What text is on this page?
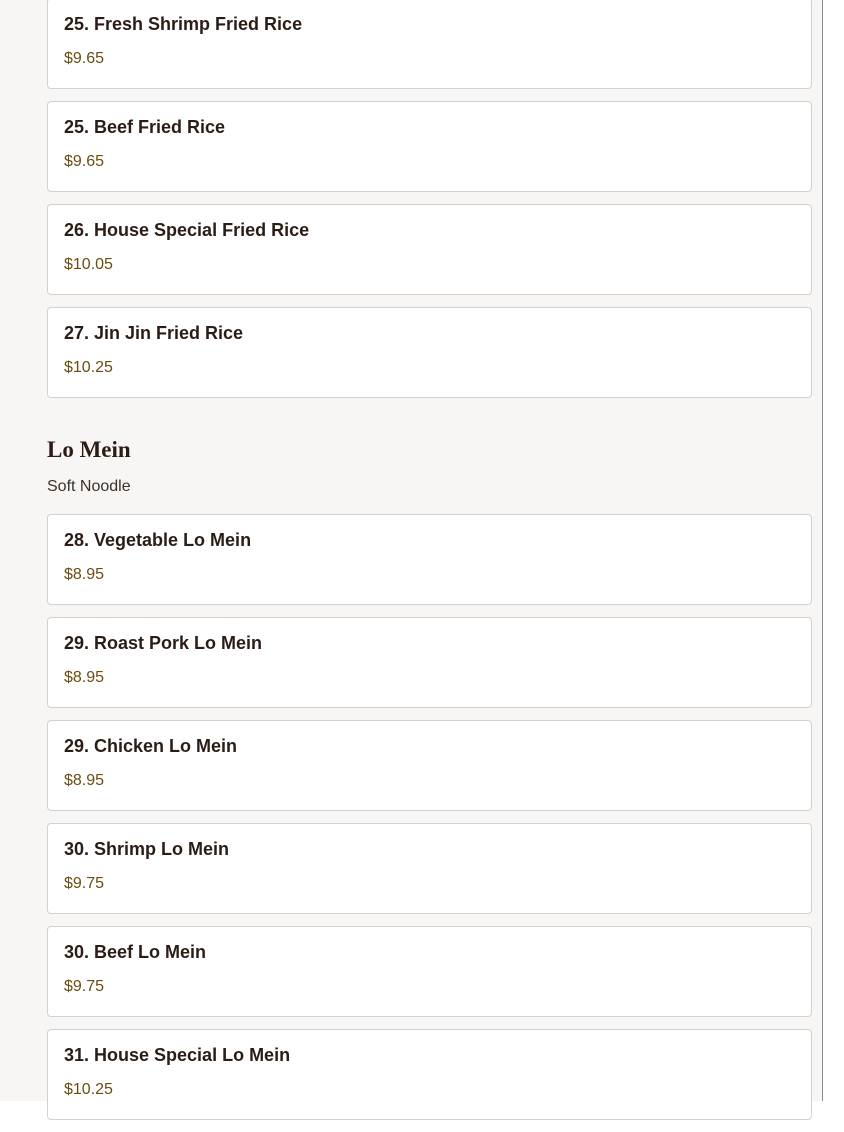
25. Fresh Shrimp Fried Rice
$9.65
25. Beef Fried Rice
$9.65
26. House Special Fried Rice
$10.05
27. Jin Jin Fried Rice
$10.25
Lo Mein

Soft Noodle

28. Vegetable Lo Mein
$8.95
29. Roast Pork Lo Mein
$8.95
29. Chicken Lo Mein
$8.95
30. Shrimp Lo Mein
$9.75
30. Beef Lo Mein
$9.75
31. House Special Lo Mein
$10.25
